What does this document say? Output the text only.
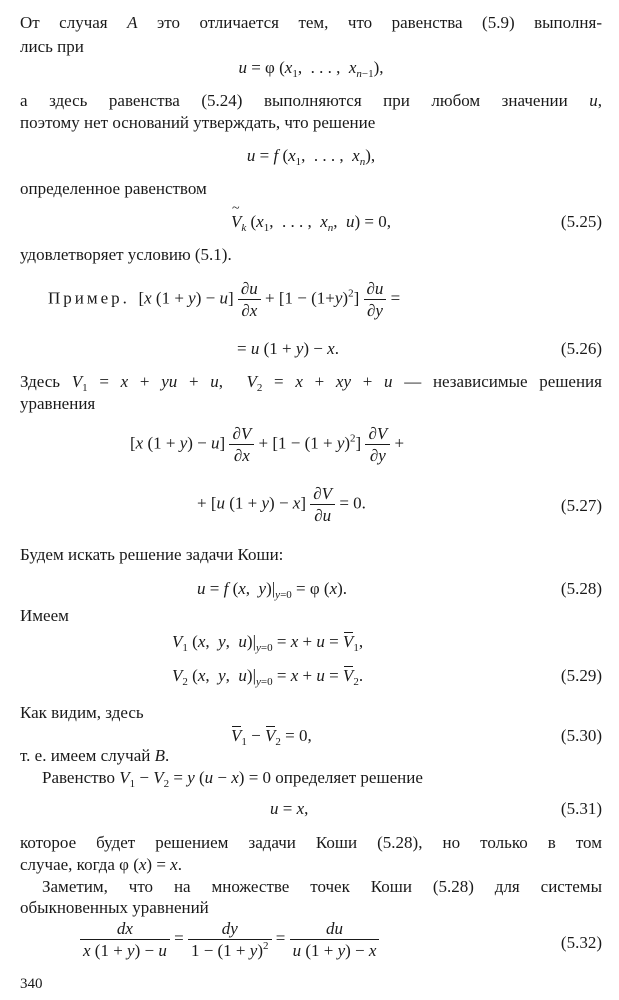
От случая A это отличается тем, что равенства (5.9) выполня-
лись при
u = φ ($x_1$,  . . . ,  $x_{n-1}$),
а здесь равенства (5.24) выполняются при любом значении u,
поэтому нет оснований утверждать, что решение
u = f ($x_1$,  . . . ,  $x_n$),
определенное равенством
~ $V_k$ ($x_1$,  . . . ,  $x_n$,  u) = 0,	(5.25)
удовлетворяет условию (5.1).
Пример.  [x $(1 + y) - u] \frac{\partial u}{\partial x} + [1 - (1+y)^2] \frac{\partial u}{\partial y}$ =
= u (1 + y) − x.	(5.26)
Здесь $V_1 = x$ + yu + u,  $V_2 = x$ + xy + u — независимые решения
уравнения
[x $(1 + y) - u] \frac{\partial V}{\partial x} + [1 - (1 + y)^2] \frac{\partial V}{\partial y}$ +
+ [u $(1 + y) - x] \frac{\partial V}{\partial u} = 0$.	(5.27)
Будем искать решение задачи Коши:
u = f (x,  $y)|_{y=0} = \varphi$ (x).	(5.28)
Имеем
$V_1$ (x,  y,  $u)|_{y=0} = x + u = V_1$,
$V_2$ (x,  y,  $u)|_{y=0} = x + u = V_2$.	(5.29)
Как видим, здесь
$V_1 - V_2 = 0$,	(5.30)
т. е. имеем случай B.
Равенство $V_1 - V_2 = y$ (u − x) = 0 определяет решение
u = x,	(5.31)
которое будет решением задачи Коши (5.28), но только в том
случае, когда φ (x) = x.
Заметим, что на множестве точек Коши (5.28) для системы
обыкновенных уравнений
$\frac{dx}{x (1 + y) - u} = \frac{dy}{1 - (1 + y)^2} = \frac{du}{u (1 + y) - x}$	(5.32)
340
